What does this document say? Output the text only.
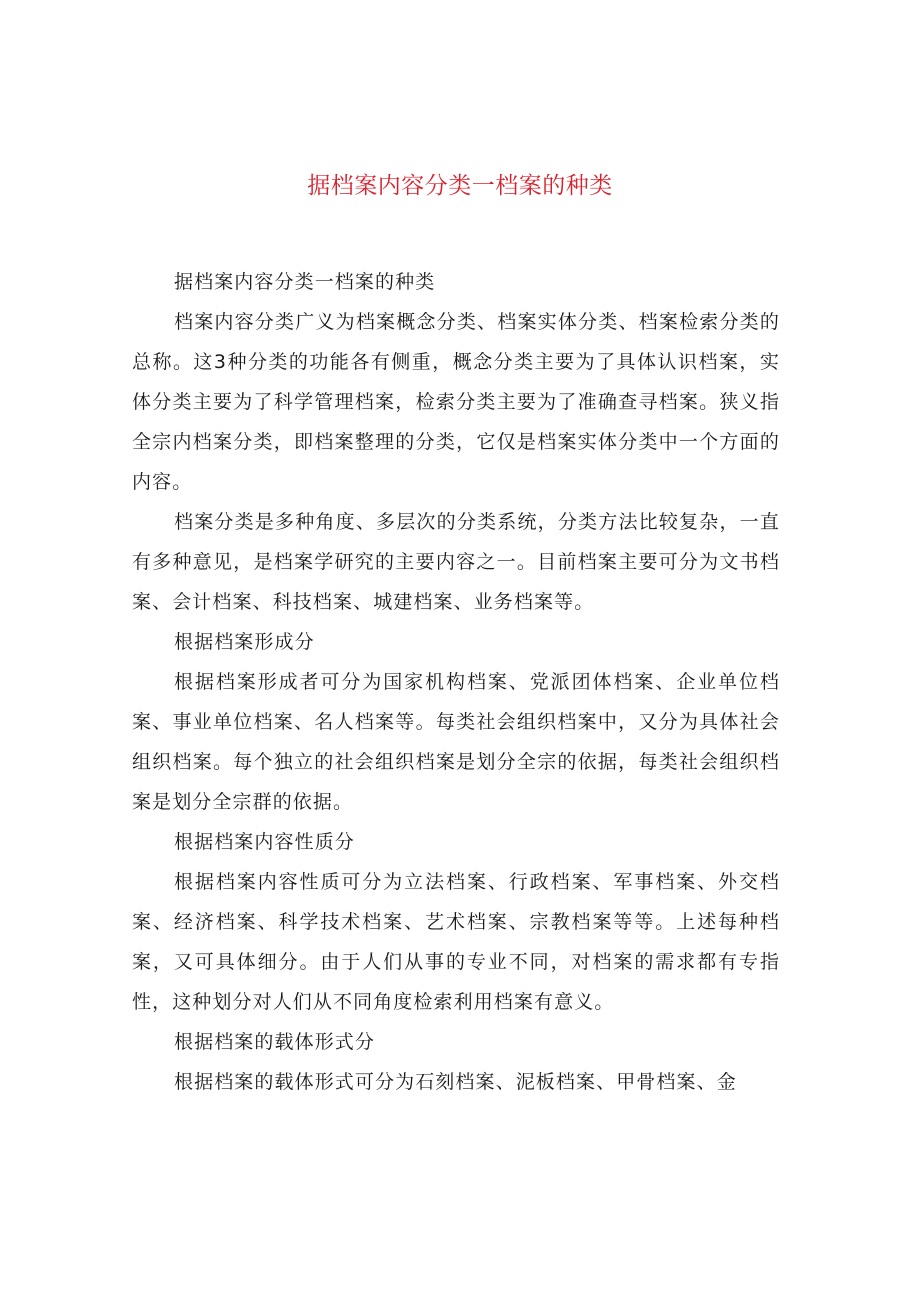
据档案内容分类一档案的种类

据档案内容分类一档案的种类

档案内容分类广义为档案概念分类、档案实体分类、档案检索分类的总称。这3种分类的功能各有侧重，概念分类主要为了具体认识档案，实体分类主要为了科学管理档案，检索分类主要为了准确查寻档案。狭义指全宗内档案分类，即档案整理的分类，它仅是档案实体分类中一个方面的内容。

档案分类是多种角度、多层次的分类系统，分类方法比较复杂，一直有多种意见，是档案学研究的主要内容之一。目前档案主要可分为文书档案、会计档案、科技档案、城建档案、业务档案等。

根据档案形成分

根据档案形成者可分为国家机构档案、党派团体档案、企业单位档案、事业单位档案、名人档案等。每类社会组织档案中，又分为具体社会组织档案。每个独立的社会组织档案是划分全宗的依据，每类社会组织档案是划分全宗群的依据。

根据档案内容性质分

根据档案内容性质可分为立法档案、行政档案、军事档案、外交档案、经济档案、科学技术档案、艺术档案、宗教档案等等。上述每种档案，又可具体细分。由于人们从事的专业不同，对档案的需求都有专指性，这种划分对人们从不同角度检索利用档案有意义。

根据档案的载体形式分

根据档案的载体形式可分为石刻档案、泥板档案、甲骨档案、金
